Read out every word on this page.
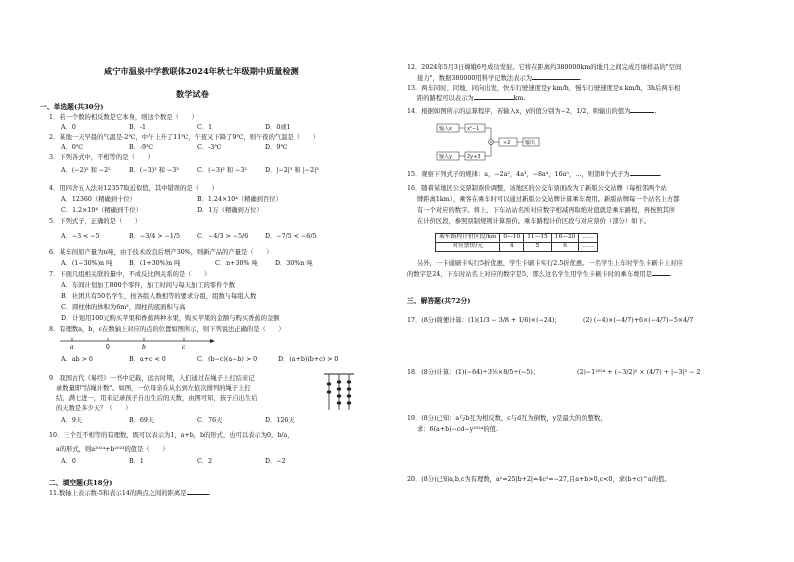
咸宁市温泉中学教联体2024年秋七年级期中质量检测
数学试卷
一、单选题(共30分)
1．若一个数的相反数是它本身，则这个数是（　　）
A．0	B．-1	C．1	D．0或1
2．某地一天早晨的气温是-2℃，中午上升了11℃，午夜又下降了9℃，则午夜的气温是（　　）
A．0℃	B．-9℃	C．-3℃	D．9℃
3．下列各式中，不相等的是（　　）
A．(−2)² 和 −2²	B．(−3)³ 和 −3³	C．(−3)² 和 −3²	D．|−2|³ 和 |−2|³
4．用四舍五入法对12357取近似值，其中错误的是（　　）
A．12360（精确到十位）	B．1.24×10⁴（精确到百位）
C．1.2×10⁴（精确到千位）	D．1万（精确到万位）
5．下列式子，正确的是（　　）
A．−3 < −5	B．−3/4 > −1/5	C．−4/3 > −5/6	D．−7/5 < −6/5
6．某车间原产量为n吨，由于技术改良后增产30%，则新产品的产量是（　　）
A．(1−30%)n 吨	B．(1+30%)n 吨	C．n+30% 吨	D．30%n 吨
7．下面几组相关联的量中，不成反比例关系的是（　　）
A．车间计划加工800个零件，加工时间与每天加工的零件个数
B．社团共有50名学生，按各组人数相等的要求分组，组数与每组人数
C．圆柱体的体积为6m³，圆柱的底面积与高
D．计划用100元购买苹果和香蕉两种水果，购买苹果的金额与购买香蕉的金额
8．有理数a，b，c在数轴上对应的点的位置如图所示，则下列说法正确的是（　　）
a	0	b	c
A．ab > 0	B．a+c < 0	C．(b−c)(a−b) > 0	D．(a+b)(b+c) > 0
9．我国古代《易经》一书中记载，远古时期，人们通过在绳子上打结来记
录数量即"结绳计数"。如图，一位母亲在从右到左依次排列的绳子上打
结，满七进一，用来记录孩子自出生后的天数，由图可知，孩子自出生后
的天数是多少天？（　　）
A．9天	B．69天	C．76天	D．126天
10．三个互不相等的有理数，既可以表示为1，a+b，b的形式，也可以表示为0，b/a，
a的形式，则a²⁰²⁴+b²⁰²³的值是（　　）
A．0	B．1	C．2	D．−2
二、填空题(共18分)
11.数轴上表示数-5和表示14的两点之间的距离是	.
12．2024年5月3日嫦娥6号成功发射。它将在距离约380000km的地月之间完成月壤样品的"空间
接力"，数据380000用科学记数法表示为	.
13．两车同时、同地、同向出发，快车行驶速度是y km/h，慢车行驶速度是x km/h，3h后两车相
距的路程可以表示为	km.
14．根据如图所示的运算程序，若输入x，y的值分别为−2，1/2，则输出的值为	.
输入x	x²−1
输入y	2y+3
÷2	输出
15．观察下列式子的规律：a，−2a²，4a³，−8a⁴，16a⁵，…，则第8个式子为	.
16．随着某地区公交票制票价调整，该地区的公交车票面改为了新版公交站牌（每相邻两个站
牌距离1km），乘客在乘车时可以通过新版公交站牌计算乘车费用。新版站牌每一个站名上方都
有一个对应的数字。将上、下车站站名所对应数字相减再取绝对值就是乘车路程，再按照其所
在计价区段，参照票制规则计算票价。乘车路程计价区段与对应票价（部分）如下。
乘车路程计价区段/km	0—10	11—15	16—20	……
对应票价/元	4	5	6	……
另外，一卡通刷卡实行5折优惠，学生卡刷卡实行2.5折优惠。一名学生上车时学生卡刷卡上对应
的数字是24，下车时站名上对应的数字是5，那么这名学生用学生卡刷卡时的乘车费用是	.
三、解答题(共72分)
17．(8分)简便计算：(1)(1/3 − 3/8 + 1/6)×(−24)；	(2) (−4)×(−4/7)+6×(−4/7)−5×4/7
18．(8分)计算：(1)(−64)÷3⅕×8/5÷(−5)；	(2)−1²⁰²⁴ + (−3/2)² × (4/7) + |−3|³ − 2
19．(8分)已知：a与b互为相反数，c与d互为倒数，y是最大的负整数，
求：6(a+b)−cd−y²⁰²⁴的值.
20．(8分)已知a,b,c为有理数，a²=25|b+2|=4c²=−27,且a+b>0,c<0，求(b+c)^a的值。
